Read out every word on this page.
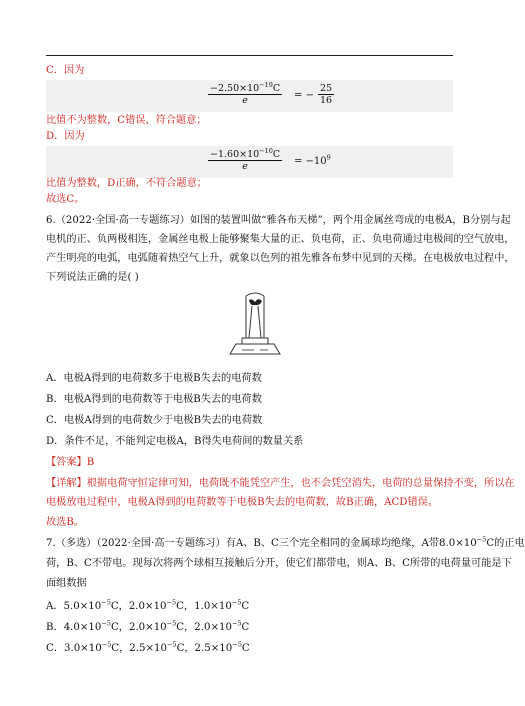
C．因为
$\frac{-2.50\times 10^{-19}C}{e}$ = − $\frac{25}{16}$
比值不为整数，C错误，符合题意；
D．因为
$\frac{-1.60\times 10^{-10}C}{e} = -10^9$
比值为整数，D正确，不符合题意；
故选C。
6.（2022·全国·高一专题练习）如图的装置叫做“雅各布天梯”，两个用金属丝弯成的电极A，B分别与起
电机的正、负两极相连，金属丝电极上能够聚集大量的正、负电荷，正、负电荷通过电极间的空气放电，
产生明亮的电弧，电弧随着热空气上升，就象以色列的祖先雅各布梦中见到的天梯。在电极放电过程中，
下列说法正确的是( )
A．电极A得到的电荷数多于电极B失去的电荷数
B．电极A得到的电荷数等于电极B失去的电荷数
C．电极A得到的电荷数少于电极B失去的电荷数
D．条件不足，不能判定电极A，B得失电荷间的数量关系
【答案】B
【详解】根据电荷守恒定律可知，电荷既不能凭空产生，也不会凭空消失，电荷的总量保持不变，所以在
电极放电过程中，电极A得到的电荷数等于电极B失去的电荷数，故B正确，ACD错误。
故选B。
7.（多选）（2022·全国·高一专题练习）有A、B、C三个完全相同的金属球均绝缘，A带$8.0\times 10^{-5}C$的正电
荷，B、C不带电。现每次将两个球相互接触后分开，使它们都带电，则A、B、C所带的电荷量可能是下
面组数据
A．$5.0\times 10^{-5}C$，$2.0\times 10^{-5}C$，$1.0\times 10^{-5}C$
B．$4.0\times 10^{-5}C$，$2.0\times 10^{-5}C$，$2.0\times 10^{-5}C$
C．$3.0\times 10^{-5}C$，$2.5\times 10^{-5}C$，$2.5\times 10^{-5}C$
